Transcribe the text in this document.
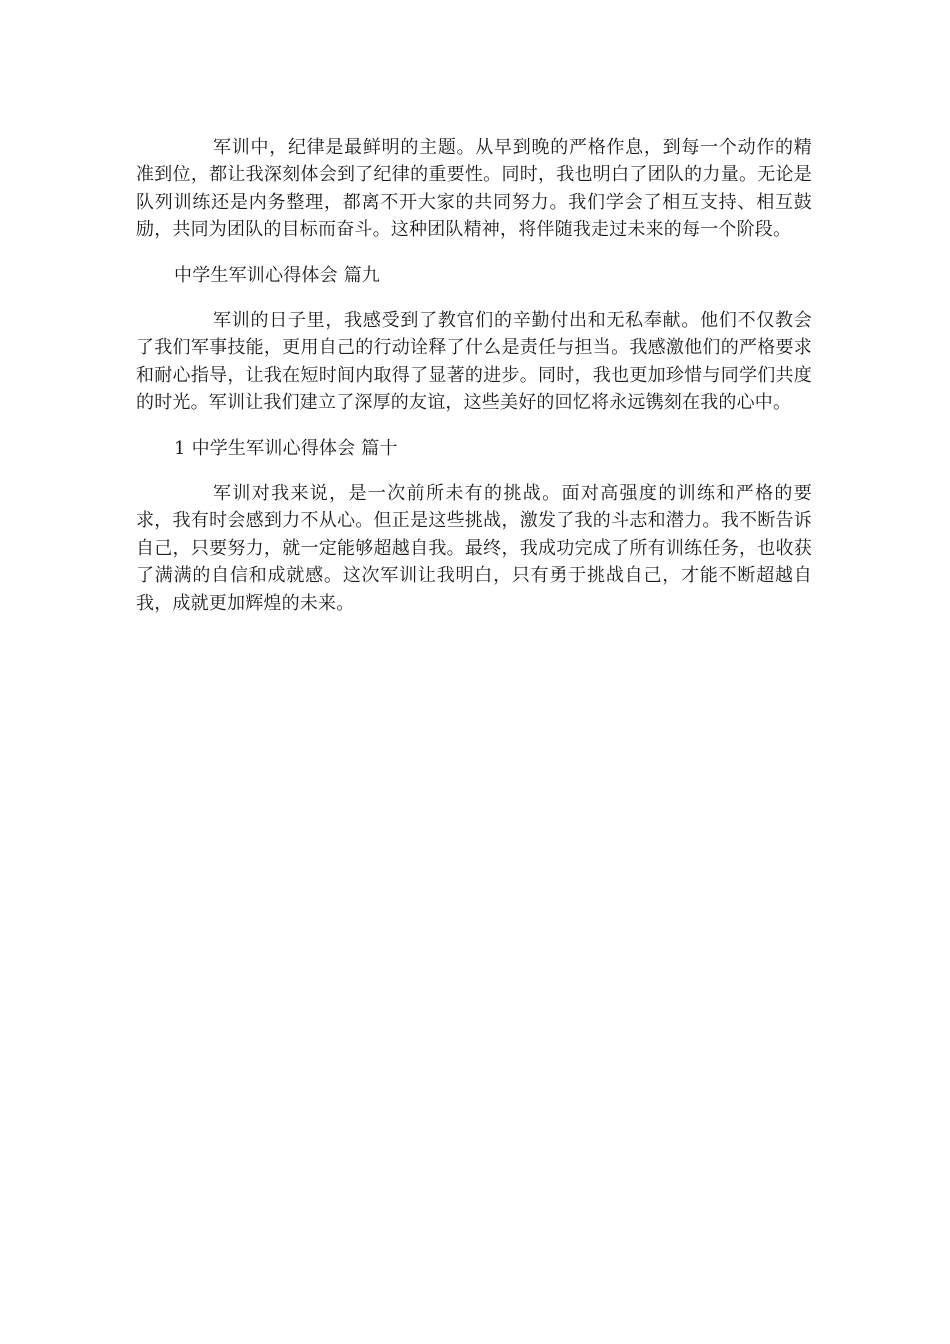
军训中，纪律是最鲜明的主题。从早到晚的严格作息，到每一个动作的精准到位，都让我深刻体会到了纪律的重要性。同时，我也明白了团队的力量。无论是队列训练还是内务整理，都离不开大家的共同努力。我们学会了相互支持、相互鼓励，共同为团队的目标而奋斗。这种团队精神，将伴随我走过未来的每一个阶段。

中学生军训心得体会 篇九

军训的日子里，我感受到了教官们的辛勤付出和无私奉献。他们不仅教会了我们军事技能，更用自己的行动诠释了什么是责任与担当。我感激他们的严格要求和耐心指导，让我在短时间内取得了显著的进步。同时，我也更加珍惜与同学们共度的时光。军训让我们建立了深厚的友谊，这些美好的回忆将永远镌刻在我的心中。

1 中学生军训心得体会 篇十

军训对我来说，是一次前所未有的挑战。面对高强度的训练和严格的要求，我有时会感到力不从心。但正是这些挑战，激发了我的斗志和潜力。我不断告诉自己，只要努力，就一定能够超越自我。最终，我成功完成了所有训练任务，也收获了满满的自信和成就感。这次军训让我明白，只有勇于挑战自己，才能不断超越自我，成就更加辉煌的未来。
